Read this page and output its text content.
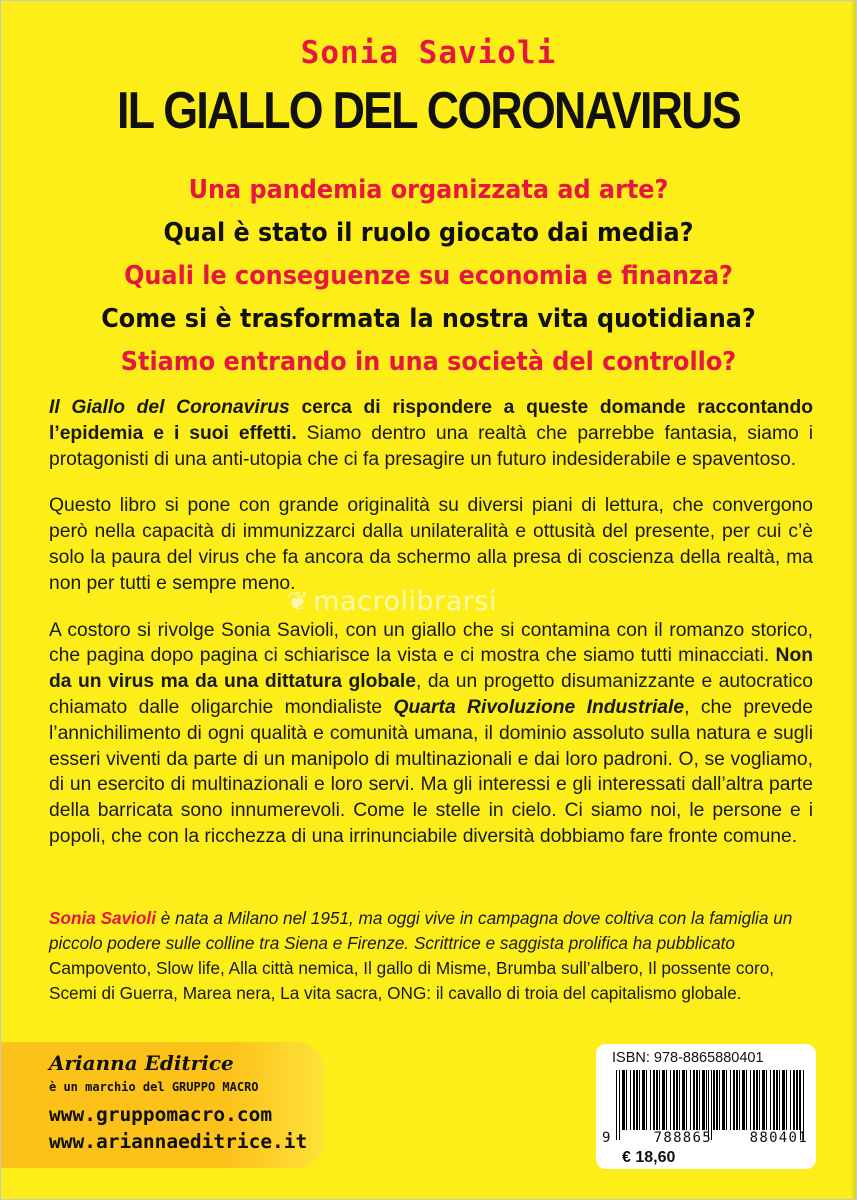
Sonia Savioli
IL GIALLO DEL CORONAVIRUS
Una pandemia organizzata ad arte?
Qual è stato il ruolo giocato dai media?
Quali le conseguenze su economia e finanza?
Come si è trasformata la nostra vita quotidiana?
Stiamo entrando in una società del controllo?

Il Giallo del Coronavirus cerca di rispondere a queste domande raccontando l’epidemia e i suoi effetti. Siamo dentro una realtà che parrebbe fantasia, siamo i protagonisti di una anti-utopia che ci fa presagire un futuro indesiderabile e spaventoso.

Questo libro si pone con grande originalità su diversi piani di lettura, che convergono però nella capacità di immunizzarci dalla unilateralità e ottusità del presente, per cui c’è solo la paura del virus che fa ancora da schermo alla presa di coscienza della realtà, ma non per tutti e sempre meno.

A costoro si rivolge Sonia Savioli, con un giallo che si contamina con il romanzo storico, che pagina dopo pagina ci schiarisce la vista e ci mostra che siamo tutti minacciati. Non da un virus ma da una dittatura globale, da un progetto disumanizzante e autocratico chiamato dalle oligarchie mondialiste Quarta Rivoluzione Industriale, che prevede l’annichilimento di ogni qualità e comunità umana, il dominio assoluto sulla natura e sugli esseri viventi da parte di un manipolo di multinazionali e dai loro padroni. O, se vogliamo, di un esercito di multinazionali e loro servi. Ma gli interessi e gli interessati dall’altra parte della barricata sono innumerevoli. Come le stelle in cielo. Ci siamo noi, le persone e i popoli, che con la ricchezza di una irrinunciabile diversità dobbiamo fare fronte comune.

❦ macrolibrarsi
Sonia Savioli è nata a Milano nel 1951, ma oggi vive in campagna dove coltiva con la famiglia un piccolo podere sulle colline tra Siena e Firenze. Scrittrice e saggista prolifica ha pubblicato Campovento, Slow life, Alla città nemica, Il gallo di Misme, Brumba sull’albero, Il possente coro, Scemi di Guerra, Marea nera, La vita sacra, ONG: il cavallo di troia del capitalismo globale.
Arianna Editrice
è un marchio del GRUPPO MACRO
www.gruppomacro.com
www.ariannaeditrice.it
ISBN: 978-8865880401
9	788865	880401
€ 18,60
